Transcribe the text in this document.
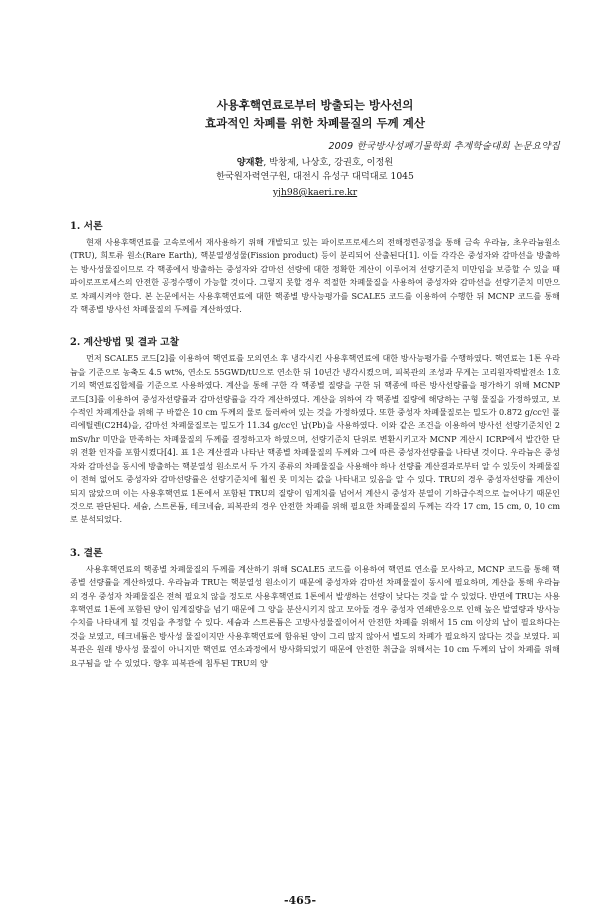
2009 한국방사성폐기물학회 추계학술대회 논문요약집
사용후핵연료로부터 방출되는 방사선의
효과적인 차폐를 위한 차폐물질의 두께 계산
양재환, 박창제, 나상호, 강권호, 이정원
한국원자력연구원, 대전시 유성구 대덕대로 1045
yjh98@kaeri.re.kr
1. 서론

현재 사용후핵연료를 고속로에서 재사용하기 위해 개발되고 있는 파이로프로세스의 전해정련공정을 통해 금속 우라늄, 초우라늄원소(TRU), 희토류 원소(Rare Earth), 핵분열생성물(Fission product) 등이 분리되어 산출된다[1]. 이들 각각은 중성자와 감마선을 방출하는 방사성물질이므로 각 핵종에서 방출하는 중성자와 감마선 선량에 대한 정확한 계산이 이루어져 선량기준치 미만임을 보증할 수 있을 때 파이로프로세스의 안전한 공정수행이 가능할 것이다. 그렇지 못할 경우 적절한 차폐물질을 사용하여 중성자와 감마선을 선량기준치 미만으로 차폐시켜야 한다. 본 논문에서는 사용후핵연료에 대한 핵종별 방사능평가를 SCALE5 코드를 이용하여 수행한 뒤 MCNP 코드를 통해 각 핵종별 방사선 차폐물질의 두께를 계산하였다.

2. 계산방법 및 결과 고찰

먼저 SCALE5 코드[2]를 이용하여 핵연료를 모의연소 후 냉각시킨 사용후핵연료에 대한 방사능평가를 수행하였다. 핵연료는 1톤 우라늄을 기준으로 농축도 4.5 wt%, 연소도 55GWD/tU으로 연소한 뒤 10년간 냉각시켰으며, 피복관의 조성과 무게는 고리원자력발전소 1호기의 핵연료집합체를 기준으로 사용하였다. 계산을 통해 구한 각 핵종별 질량을 구한 뒤 핵종에 따른 방사선량률을 평가하기 위해 MCNP 코드[3]를 이용하여 중성자선량률과 감마선량률을 각각 계산하였다. 계산을 위하여 각 핵종별 질량에 해당하는 구형 물질을 가정하였고, 보수적인 차폐계산을 위해 구 바깥은 10 cm 두께의 물로 둘러싸여 있는 것을 가정하였다. 또한 중성자 차폐물질로는 밀도가 0.872 g/cc인 폴리에틸렌(C2H4)을, 감마선 차폐물질로는 밀도가 11.34 g/cc인 납(Pb)을 사용하였다. 이와 같은 조건을 이용하여 방사선 선량기준치인 2 mSv/hr 미만을 만족하는 차폐물질의 두께를 결정하고자 하였으며, 선량기준치 단위로 변환시키고자 MCNP 계산시 ICRP에서 발간한 단위 전환 인자를 포함시켰다[4]. 표 1은 계산결과 나타난 핵종별 차폐물질의 두께와 그에 따른 중성자선량률을 나타낸 것이다. 우라늄은 중성자와 감마선을 동시에 방출하는 핵분열성 원소로서 두 가지 종류의 차폐물질을 사용해야 하나 선량률 계산결과로부터 알 수 있듯이 차폐물질이 전혀 없어도 중성자와 감마선량률은 선량기준치에 훨씬 못 미치는 값을 나타내고 있음을 알 수 있다. TRU의 경우 중성자선량률 계산이 되지 않았으며 이는 사용후핵연료 1톤에서 포함된 TRU의 질량이 임계치를 넘어서 계산시 중성자 분열이 기하급수적으로 늘어나기 때문인 것으로 판단된다. 세슘, 스트론튬, 테크네슘, 피복관의 경우 안전한 차폐를 위해 필요한 차폐물질의 두께는 각각 17 cm, 15 cm, 0, 10 cm로 분석되었다.

3. 결론

사용후핵연료의 핵종별 차폐물질의 두께를 계산하기 위해 SCALE5 코드를 이용하여 핵연료 연소를 모사하고, MCNP 코드를 통해 핵종별 선량률을 계산하였다. 우라늄과 TRU는 핵분열성 원소이기 때문에 중성자와 감마선 차폐물질이 동시에 필요하며, 계산을 통해 우라늄의 경우 중성자 차폐물질은 전혀 필요치 않을 정도로 사용후핵연료 1톤에서 발생하는 선량이 낮다는 것을 알 수 있었다. 반면에 TRU는 사용후핵연료 1톤에 포함된 양이 임계질량을 넘기 때문에 그 양을 분산시키지 않고 모아둘 경우 중성자 연쇄반응으로 인해 높은 발열량과 방사능 수치를 나타내게 될 것임을 추정할 수 있다. 세슘과 스트론튬은 고방사성물질이어서 안전한 차폐를 위해서 15 cm 이상의 납이 필요하다는 것을 보였고, 테크네튬은 방사성 물질이지만 사용후핵연료에 함유된 양이 그리 많지 않아서 별도의 차폐가 필요하지 않다는 것을 보였다. 피복관은 원래 방사성 물질이 아니지만 핵연료 연소과정에서 방사화되었기 때문에 안전한 취급을 위해서는 10 cm 두께의 납이 차폐를 위해 요구됨을 알 수 있었다. 향후 피복관에 침투된 TRU의 양

-465-
